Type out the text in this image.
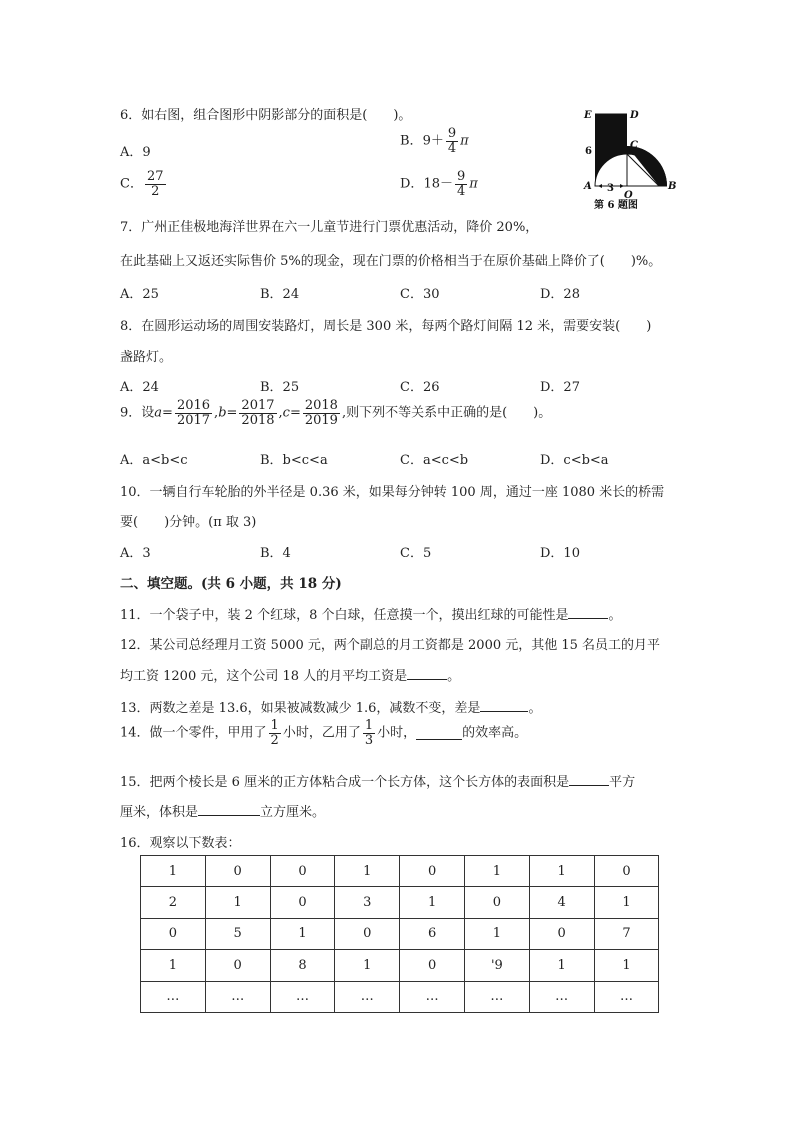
6．如右图，组合图形中阴影部分的面积是(　　)。
A．9
B．$9+ \frac{9}{4}$ π
C． $\frac{27}{2}$	D．$18- \frac{9}{4}$ π
E	D
C
6
A 3
O
B
第 6 题图
7．广州正佳极地海洋世界在六一儿童节进行门票优惠活动，降价 20%，
在此基础上又返还实际售价 5%的现金，现在门票的价格相当于在原价基础上降价了(　　)%。
A．25	B．24	C．30	D．28
8．在圆形运动场的周围安装路灯，周长是 300 米，每两个路灯间隔 12 米，需要安装(　　)
盏路灯。
A．24	B．25	C．26	D．27
9．设$a= \frac{2016}{2017} ,b= \frac{2017}{2018} ,c= \frac{2018}{2019}$ ,则下列不等关系中正确的是(　　)。
A．a<b<c	B．b<c<a	C．a<c<b	D．c<b<a
10．一辆自行车轮胎的外半径是 0.36 米，如果每分钟转 100 周，通过一座 1080 米长的桥需
要(　　)分钟。(π 取 3)
A．3	B．4	C．5	D．10
二、填空题。(共 6 小题，共 18 分)
11．一个袋子中，装 2 个红球，8 个白球，任意摸一个，摸出红球的可能性是	。
12．某公司总经理月工资 5000 元，两个副总的月工资都是 2000 元，其他 15 名员工的月平
均工资 1200 元，这个公司 18 人的月平均工资是	。
13．两数之差是 13.6，如果被减数减少 1.6，减数不变，差是	。
14．做一个零件，甲用了 $\frac{1}{2}$ 小时，乙用了 $\frac{1}{3}$ 小时，	的效率高。
15．把两个棱长是 6 厘米的正方体粘合成一个长方体，这个长方体的表面积是	平方
厘米，体积是	立方厘米。
16．观察以下数表：
1	0	0	1	0	1	1	0
2	1	0	3	1	0	4	1
0	5	1	0	6	1	0	7
1	0	8	1	0	'9	1	1
…	…	…	…	…	…	…	…
